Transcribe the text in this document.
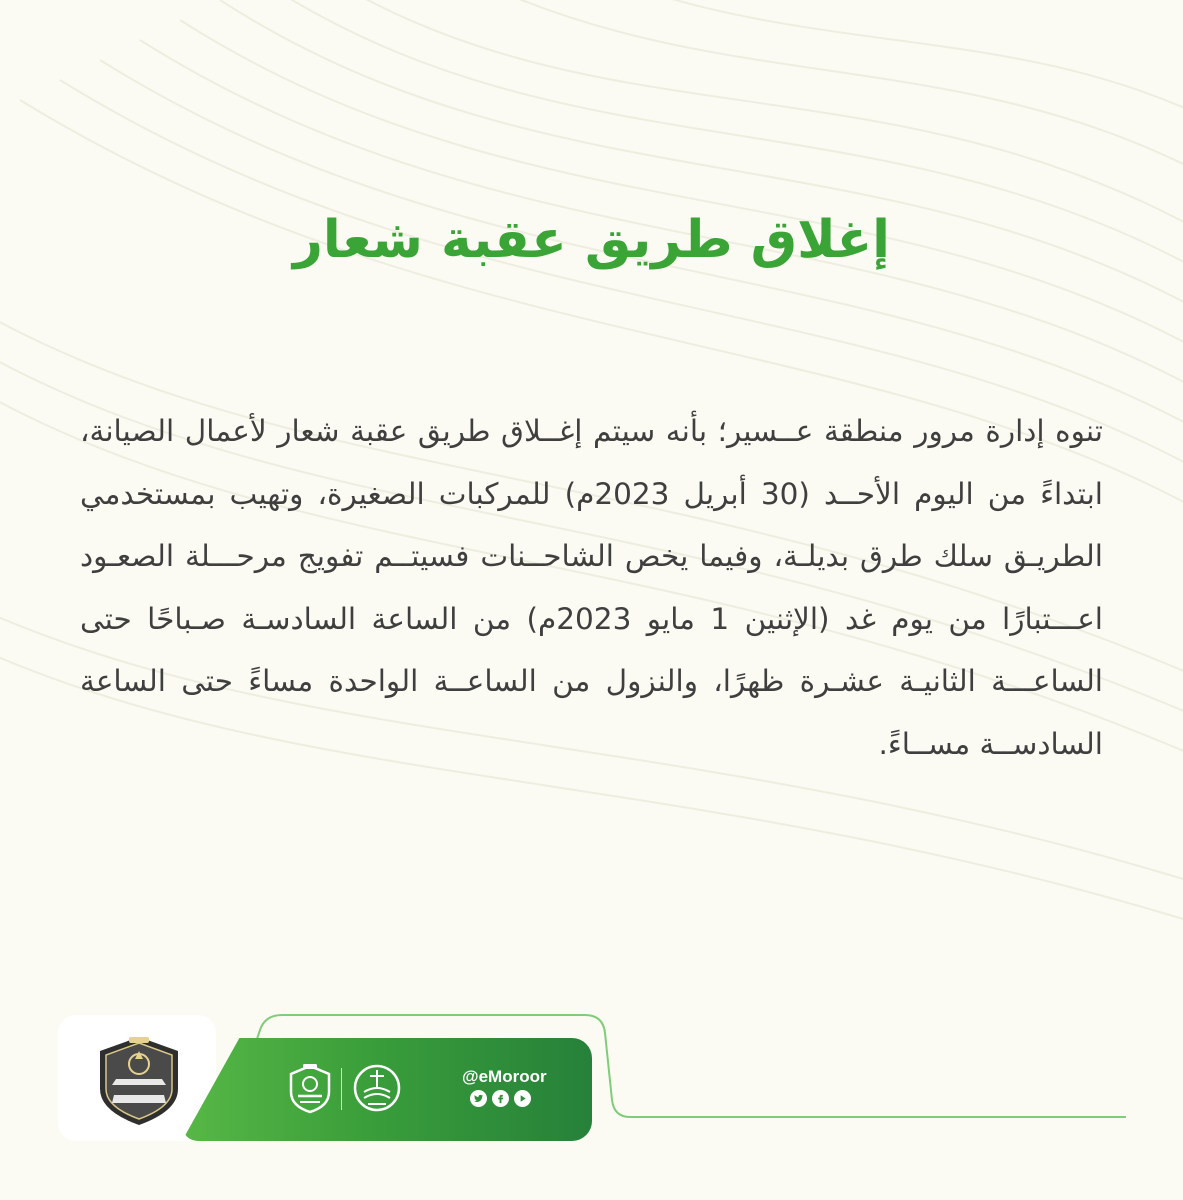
إغلاق طريق عقبة شعار
تنوه إدارة مرور منطقة عــسير؛ بأنه سيتم إغــلاق طريق عقبة شعار لأعمال الصيانة، ابتداءً من اليوم الأحــد (30 أبريل 2023م) للمركبات الصغيرة، وتهيب بمستخدمي الطريـق سلك طرق بديلـة، وفيما يخص الشاحــنات فسيتــم تفويج مرحـــلة الصعـود اعـــتبارًا من يوم غد (الإثنين 1 مايو 2023م) من الساعة السادسـة صـباحًا حتى الساعـــة الثانيـة عشـرة ظهرًا، والنزول من الساعــة الواحدة مساءً حتى الساعة السادســة مســاءً.
@eMoroor
